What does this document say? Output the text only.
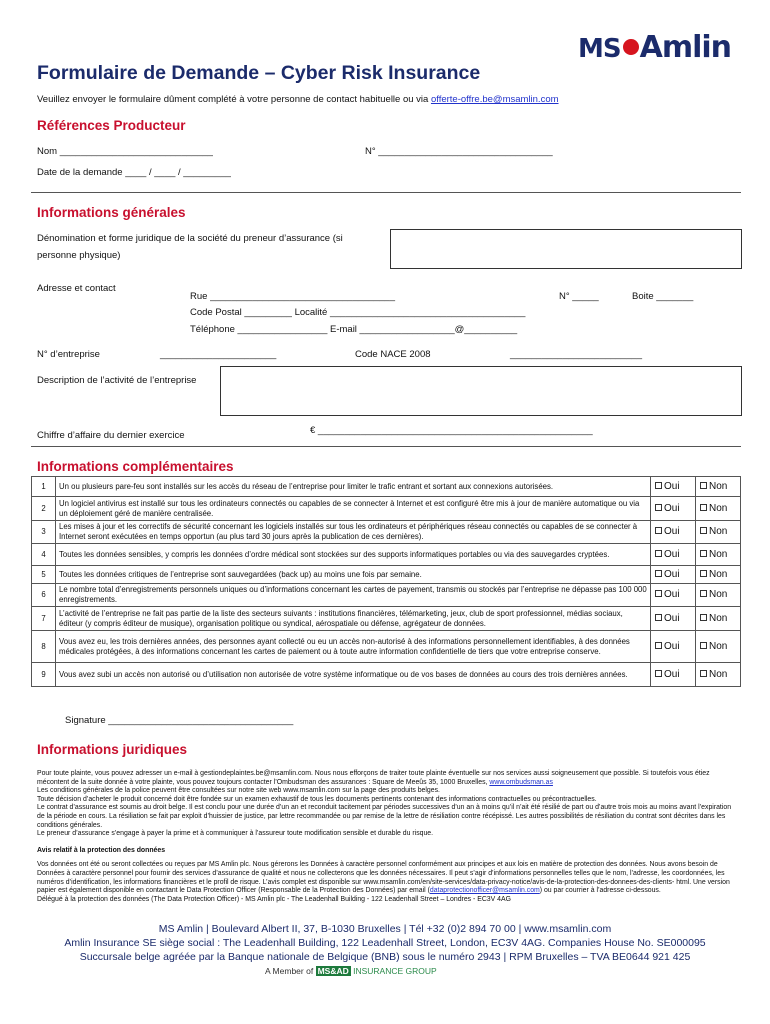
MS Amlin
Formulaire de Demande – Cyber Risk Insurance
Veuillez envoyer le formulaire dûment complété à votre personne de contact habituelle ou via offerte-offre.be@msamlin.com
Références Producteur
Nom _____________________________	N° _________________________________
Date de la demande ____ / ____ / _________
Informations générales
Dénomination et forme juridique de la société du preneur d’assurance (si
personne physique)
Adresse et contact
Rue ___________________________________	N° _____	Boite _______
Code Postal _________ Localité _____________________________________
Téléphone _________________ E-mail __________________@__________
N° d’entreprise	______________________	Code NACE 2008	_________________________
Description de l’activité de l’entreprise
Chiffre d’affaire du dernier exercice	€ ____________________________________________________
Informations complémentaires
1	Un ou plusieurs pare-feu sont installés sur les accès du réseau de l’entreprise pour limiter le trafic entrant et sortant aux connexions autorisées.	Oui	Non
2	Un logiciel antivirus est installé sur tous les ordinateurs connectés ou capables de se connecter à Internet et est configuré être mis à jour de manière automatique ou via un déploiement géré de manière centralisée.	Oui	Non
3	Les mises à jour et les correctifs de sécurité concernant les logiciels installés sur tous les ordinateurs et périphériques réseau connectés ou capables de se connecter à Internet seront exécutées en temps opportun (au plus tard 30 jours après la publication de ces dernières).	Oui	Non
4	Toutes les données sensibles, y compris les données d’ordre médical sont stockées sur des supports informatiques portables ou via des sauvegardes cryptées.	Oui	Non
5	Toutes les données critiques de l’entreprise sont sauvegardées (back up) au moins une fois par semaine.	Oui	Non
6	Le nombre total d’enregistrements personnels uniques ou d’informations concernant les cartes de payement, transmis ou stockés par l’entreprise ne dépasse pas 100 000 enregistrements.	Oui	Non
7	L’activité de l’entreprise ne fait pas partie de la liste des secteurs suivants : institutions financières, télémarketing, jeux, club de sport professionnel, médias sociaux, éditeur (y compris éditeur de musique), organisation politique ou syndical, aérospatiale ou défense, agrégateur de données.	Oui	Non
8	Vous avez eu, les trois dernières années, des personnes ayant collecté ou eu un accès non-autorisé à des informations personnellement identifiables, à des données médicales protégées, à des informations concernant les cartes de paiement ou à toute autre information confidentielle de tiers que votre entreprise conserve.	Oui	Non
9	Vous avez subi un accès non autorisé ou d’utilisation non autorisée de votre système informatique ou de vos bases de données au cours des trois dernières années.	Oui	Non
Signature ___________________________________
Informations juridiques
Pour toute plainte, vous pouvez adresser un e-mail à gestiondeplaintes.be@msamlin.com. Nous nous efforçons de traiter toute plainte éventuelle sur nos services aussi soigneusement que possible. Si toutefois vous étiez mécontent de la suite donnée à votre plainte, vous pouvez toujours contacter l’Ombudsman des assurances : Square de Meeûs 35, 1000 Bruxelles, www.ombudsman.as
Les conditions générales de la police peuvent être consultées sur notre site web www.msamlin.com sur la page des produits belges.
Toute décision d’acheter le produit concerné doit être fondée sur un examen exhaustif de tous les documents pertinents contenant des informations contractuelles ou précontractuelles.
Le contrat d’assurance est soumis au droit belge. Il est conclu pour une durée d’un an et reconduit tacitement par périodes successives d’un an à moins qu’il n’ait été résilié de part ou d’autre trois mois au moins avant l’expiration de la période en cours. La résiliation se fait par exploit d’huissier de justice, par lettre recommandée ou par remise de la lettre de résiliation contre récépissé. Les autres possibilités de résiliation du contrat sont décrites dans les conditions générales.
Le preneur d’assurance s’engage à payer la prime et à communiquer à l’assureur toute modification sensible et durable du risque.
Avis relatif à la protection des données
Vos données ont été ou seront collectées ou reçues par MS Amlin plc. Nous gérerons les Données à caractère personnel conformément aux principes et aux lois en matière de protection des données. Nous avons besoin de Données à caractère personnel pour fournir des services d’assurance de qualité et nous ne collecterons que les données nécessaires. Il peut s’agir d’informations personnelles telles que le nom, l’adresse, les coordonnées, les numéros d’identification, les informations financières et le profil de risque. L’avis complet est disponible sur www.msamlin.com/en/site-services/data-privacy-notice/avis-de-la-protection-des-donnees-des-clients- html. Une version papier est également disponible en contactant le Data Protection Officer (Responsable de la Protection des Données) par email (dataprotectionofficer@msamlin.com) ou par courrier à l’adresse ci-dessous.
Délégué à la protection des données (The Data Protection Officer) - MS Amlin plc - The Leadenhall Building - 122 Leadenhall Street – Londres - EC3V 4AG
MS Amlin | Boulevard Albert II, 37, B-1030 Bruxelles | Tél +32 (0)2 894 70 00 | www.msamlin.com
Amlin Insurance SE siège social : The Leadenhall Building, 122 Leadenhall Street, London, EC3V 4AG. Companies House No. SE000095
Succursale belge agréée par la Banque nationale de Belgique (BNB) sous le numéro 2943 | RPM Bruxelles – TVA BE0644 921 425
A Member of MS&AD INSURANCE GROUP
